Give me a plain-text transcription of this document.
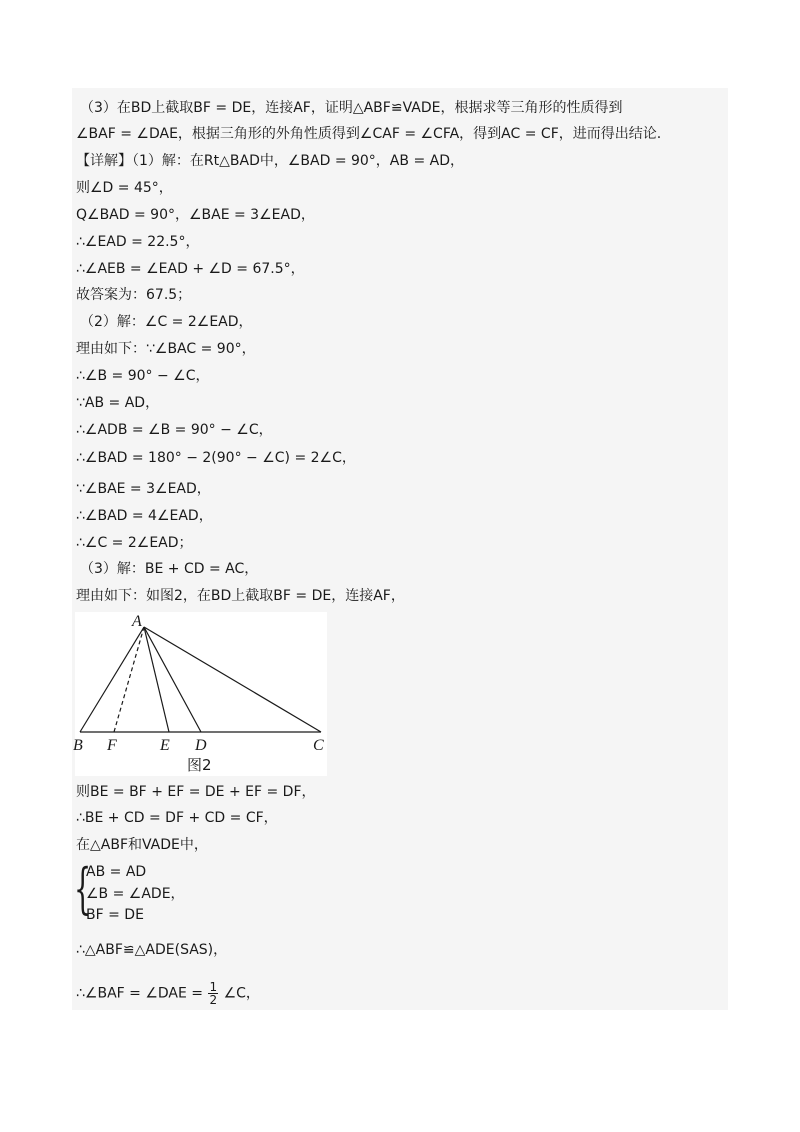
（3）在BD上截取BF = DE，连接AF，证明△ABF≌VADE，根据求等三角形的性质得到
∠BAF = ∠DAE，根据三角形的外角性质得到∠CAF = ∠CFA，得到AC = CF，进而得出结论.
【详解】（1）解：在Rt△BAD中，∠BAD = 90°，AB = AD，
则∠D = 45°，
Q∠BAD = 90°，∠BAE = 3∠EAD，
∴∠EAD = 22.5°，
∴∠AEB = ∠EAD + ∠D = 67.5°，
故答案为：67.5；
（2）解：∠C = 2∠EAD，
理由如下：∵∠BAC = 90°，
∴∠B = 90° − ∠C，
∵AB = AD，
∴∠ADB = ∠B = 90° − ∠C，
∴∠BAD = 180° − 2(90° − ∠C) = 2∠C，
∵∠BAE = 3∠EAD，
∴∠BAD = 4∠EAD，
∴∠C = 2∠EAD；
（3）解：BE + CD = AC，
理由如下：如图2，在BD上截取BF = DE，连接AF，
A
B F	E D	C
图2
则BE = BF + EF = DE + EF = DF，
∴BE + CD = DF + CD = CF，
在△ABF和VADE中，
{
AB = AD
∠B = ∠ADE，
BF = DE
∴△ABF≌△ADE(SAS)，
∴∠BAF = ∠DAE = $\frac{1}{2}$ ∠C，
